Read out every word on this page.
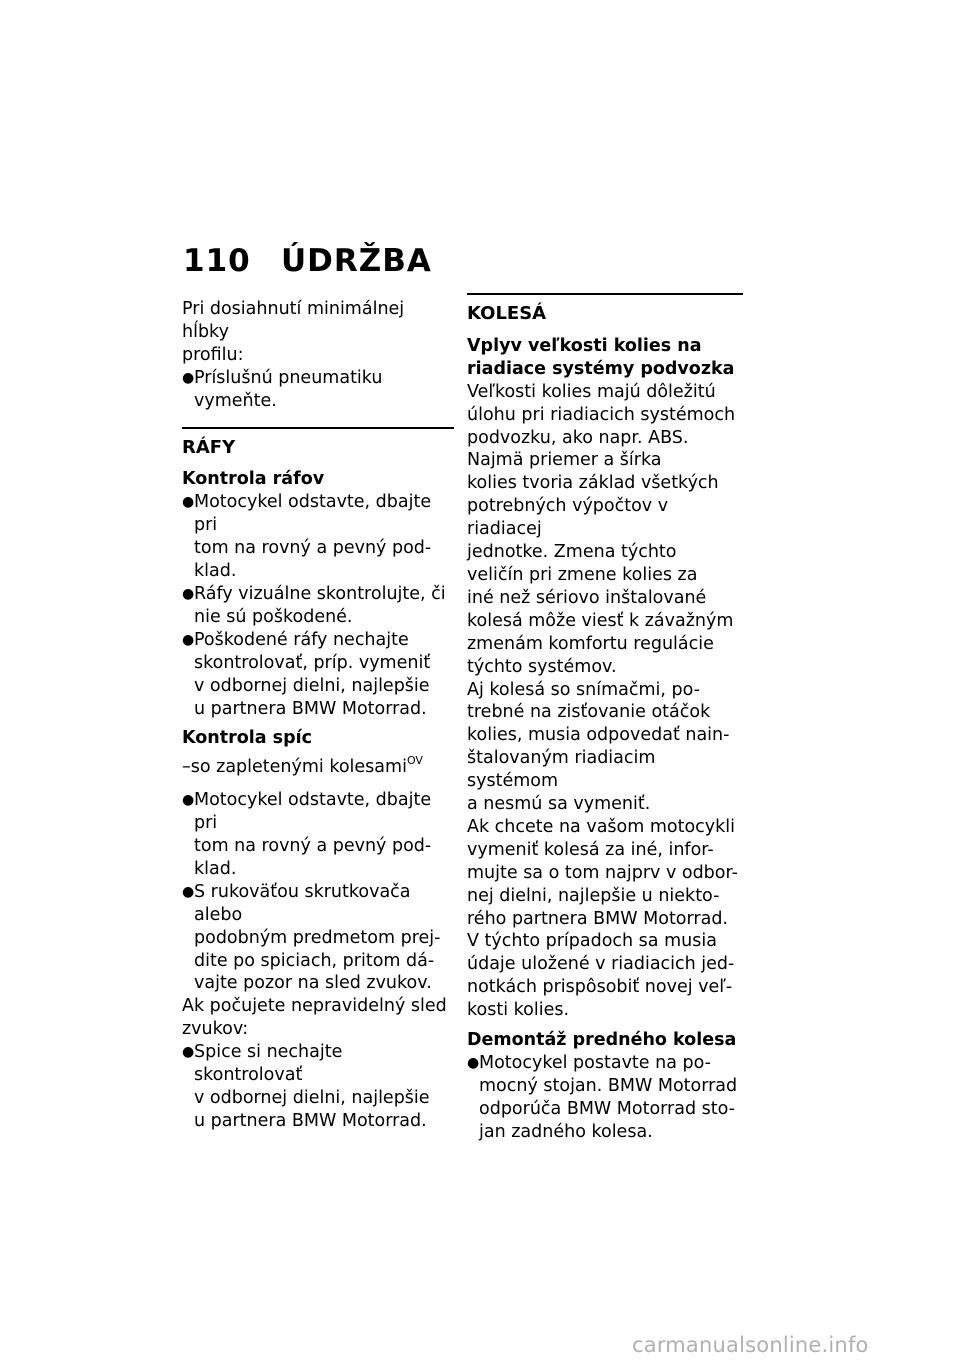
110 ÚDRŽBA
Pri dosiahnutí minimálnej hĺbky
profilu:
● Príslušnú pneumatiku
vymeňte.
RÁFY
Kontrola ráfov
● Motocykel odstavte, dbajte pri
tom na rovný a pevný pod-
klad.
● Ráfy vizuálne skontrolujte, či
nie sú poškodené.
● Poškodené ráfy nechajte
skontrolovať, príp. vymeniť
v odbornej dielni, najlepšie
u partnera BMW Motorrad.
Kontrola spíc
–so zapletenými kolesami$^{OV}$
● Motocykel odstavte, dbajte pri
tom na rovný a pevný pod-
klad.
● S rukoväťou skrutkovača alebo
podobným predmetom prej-
dite po spiciach, pritom dá-
vajte pozor na sled zvukov.
Ak počujete nepravidelný sled
zvukov:
● Spice si nechajte skontrolovať
v odbornej dielni, najlepšie
u partnera BMW Motorrad.
KOLESÁ
Vplyv veľkosti kolies na
riadiace systémy podvozka
Veľkosti kolies majú dôležitú
úlohu pri riadiacich systémoch
podvozku, ako napr. ABS.
Najmä priemer a šírka
kolies tvoria základ všetkých
potrebných výpočtov v riadiacej
jednotke. Zmena týchto
veličín pri zmene kolies za
iné než sériovo inštalované
kolesá môže viesť k závažným
zmenám komfortu regulácie
týchto systémov.
Aj kolesá so snímačmi, po-
trebné na zisťovanie otáčok
kolies, musia odpovedať nain-
štalovaným riadiacim systémom
a nesmú sa vymeniť.
Ak chcete na vašom motocykli
vymeniť kolesá za iné, infor-
mujte sa o tom najprv v odbor-
nej dielni, najlepšie u niekto-
rého partnera BMW Motorrad.
V týchto prípadoch sa musia
údaje uložené v riadiacich jed-
notkách prispôsobiť novej veľ-
kosti kolies.
Demontáž predného kolesa
● Motocykel postavte na po-
mocný stojan. BMW Motorrad
odporúča BMW Motorrad sto-
jan zadného kolesa.
carmanualsonline.info
